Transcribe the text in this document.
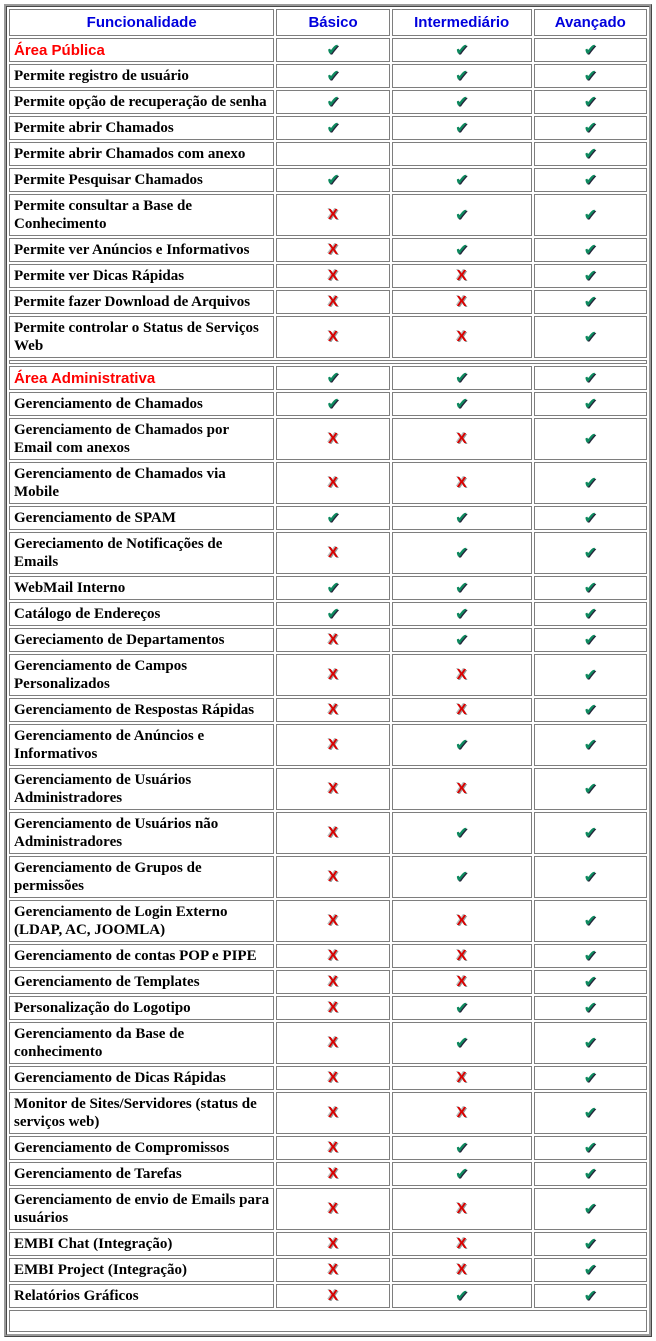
Funcionalidade	Básico	Intermediário	Avançado
Área Pública	✔	✔	✔
Permite registro de usuário	✔	✔	✔
Permite opção de recuperação de senha	✔	✔	✔
Permite abrir Chamados	✔	✔	✔
Permite abrir Chamados com anexo			✔
Permite Pesquisar Chamados	✔	✔	✔
Permite consultar a Base de Conhecimento	X	✔	✔
Permite ver Anúncios e Informativos	X	✔	✔
Permite ver Dicas Rápidas	X	X	✔
Permite fazer Download de Arquivos	X	X	✔
Permite controlar o Status de Serviços Web	X	X	✔

Área Administrativa	✔	✔	✔
Gerenciamento de Chamados	✔	✔	✔
Gerenciamento de Chamados por Email com anexos	X	X	✔
Gerenciamento de Chamados via Mobile	X	X	✔
Gerenciamento de SPAM	✔	✔	✔
Gereciamento de Notificações de Emails	X	✔	✔
WebMail Interno	✔	✔	✔
Catálogo de Endereços	✔	✔	✔
Gereciamento de Departamentos	X	✔	✔
Gerenciamento de Campos Personalizados	X	X	✔
Gerenciamento de Respostas Rápidas	X	X	✔
Gerenciamento de Anúncios e Informativos	X	✔	✔
Gerenciamento de Usuários Administradores	X	X	✔
Gerenciamento de Usuários não Administradores	X	✔	✔
Gerenciamento de Grupos de permissões	X	✔	✔
Gerenciamento de Login Externo (LDAP, AC, JOOMLA)	X	X	✔
Gerenciamento de contas POP e PIPE	X	X	✔
Gerenciamento de Templates	X	X	✔
Personalização do Logotipo	X	✔	✔
Gerenciamento da Base de conhecimento	X	✔	✔
Gerenciamento de Dicas Rápidas	X	X	✔
Monitor de Sites/Servidores (status de serviços web)	X	X	✔
Gerenciamento de Compromissos	X	✔	✔
Gerenciamento de Tarefas	X	✔	✔
Gerenciamento de envio de Emails para usuários	X	X	✔
EMBI Chat (Integração)	X	X	✔
EMBI Project (Integração)	X	X	✔
Relatórios Gráficos	X	✔	✔
